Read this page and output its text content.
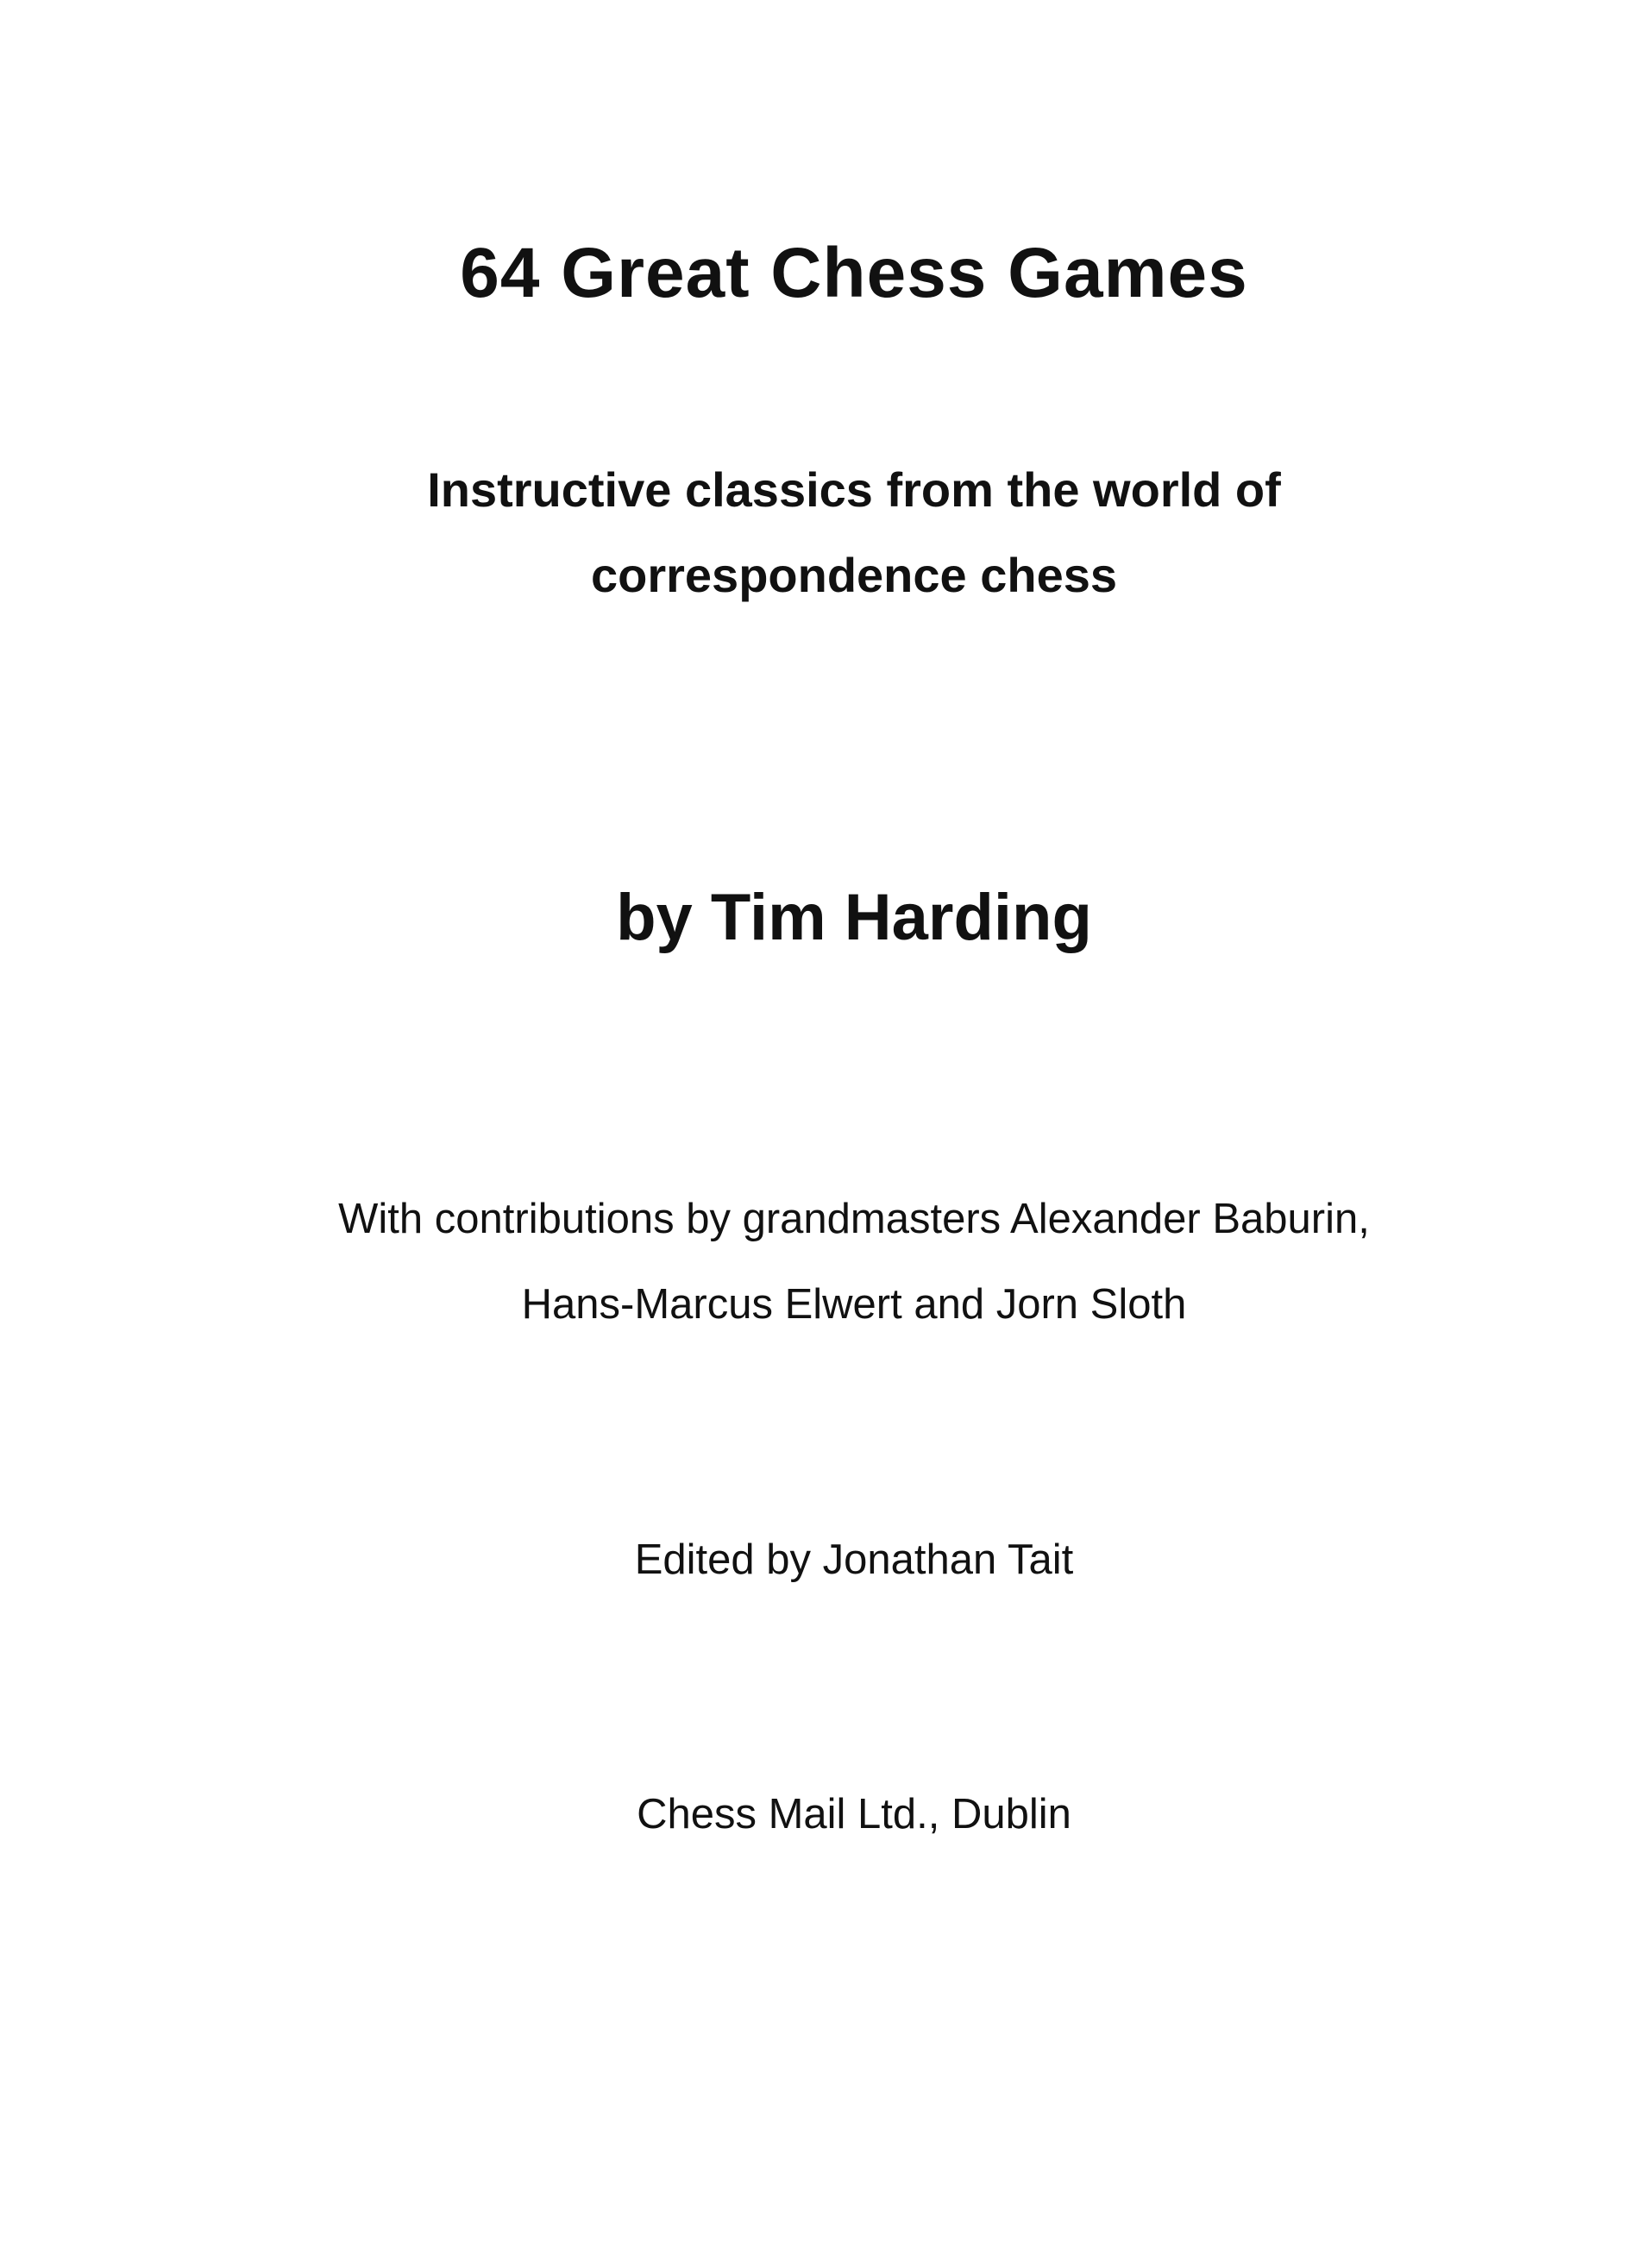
64 Great Chess Games
Instructive classics from the world of
correspondence chess
by Tim Harding
With contributions by grandmasters Alexander Baburin,
Hans-Marcus Elwert and Jorn Sloth
Edited by Jonathan Tait
Chess Mail Ltd., Dublin
